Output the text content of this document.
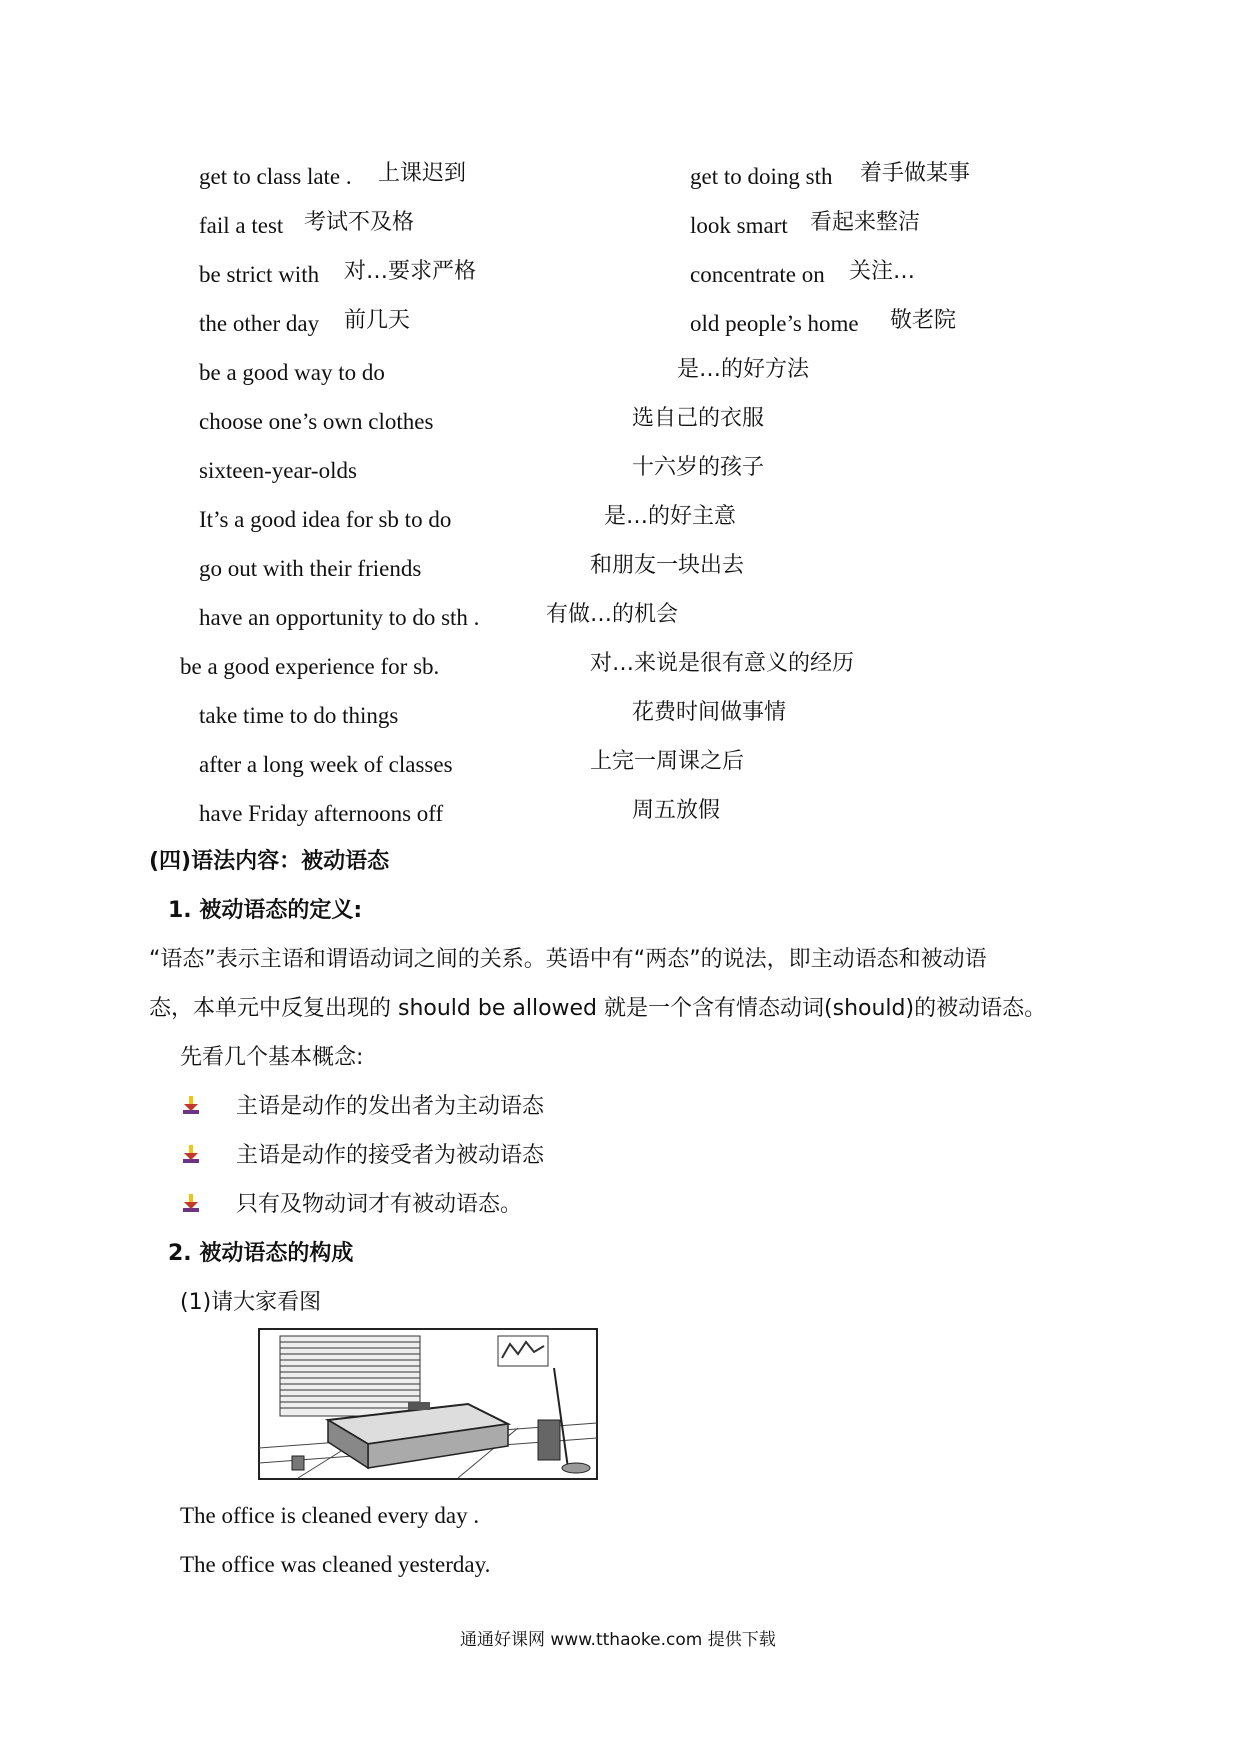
get to class late . 上课迟到	get to doing sth 着手做某事
fail a test 考试不及格	look smart 看起来整洁
be strict with 对…要求严格	concentrate on 关注…
the other day 前几天	old people’s home 敬老院
be a good way to do	是…的好方法
choose one’s own clothes	选自己的衣服
sixteen-year-olds	十六岁的孩子
It’s a good idea for sb to do	是…的好主意
go out with their friends	和朋友一块出去
have an opportunity to do sth .	有做…的机会
be a good experience for sb.	对…来说是很有意义的经历
take time to do things	花费时间做事情
after a long week of classes	上完一周课之后
have Friday afternoons off	周五放假
(四)语法内容：被动语态
1. 被动语态的定义:
“语态”表示主语和谓语动词之间的关系。英语中有“两态”的说法，即主动语态和被动语
态，本单元中反复出现的 should be allowed 就是一个含有情态动词(should)的被动语态。
先看几个基本概念:
主语是动作的发出者为主动语态
主语是动作的接受者为被动语态
只有及物动词才有被动语态。
2. 被动语态的构成
(1)请大家看图
The office is cleaned every day .
The office was cleaned yesterday.
通通好课网 www.tthaoke.com 提供下载
